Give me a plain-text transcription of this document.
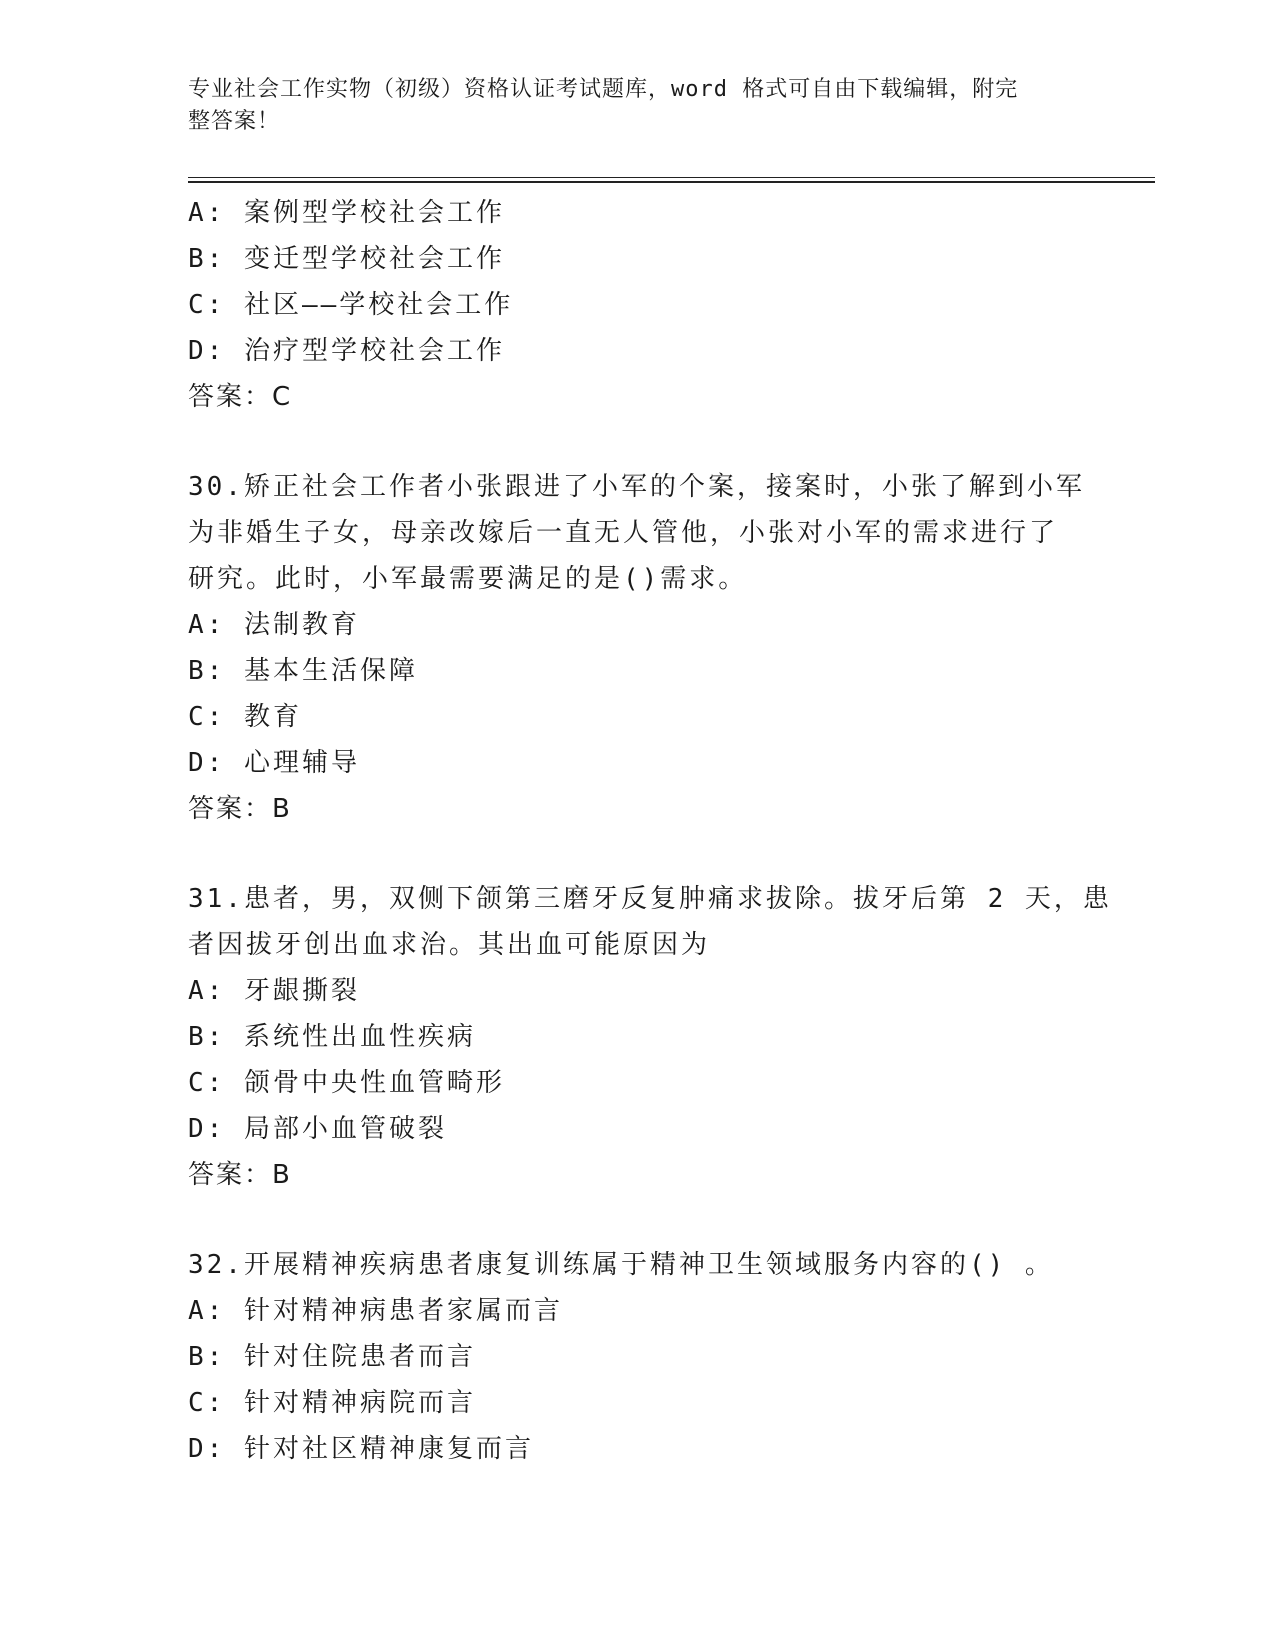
专业社会工作实物（初级）资格认证考试题库，word 格式可自由下载编辑，附完
整答案！
A: 案例型学校社会工作
B: 变迁型学校社会工作
C: 社区——学校社会工作
D: 治疗型学校社会工作
答案：C
30.矫正社会工作者小张跟进了小军的个案，接案时，小张了解到小军
为非婚生子女，母亲改嫁后一直无人管他，小张对小军的需求进行了
研究。此时，小军最需要满足的是()需求。
A: 法制教育
B: 基本生活保障
C: 教育
D: 心理辅导
答案：B
31.患者，男，双侧下颌第三磨牙反复肿痛求拔除。拔牙后第 2 天，患
者因拔牙创出血求治。其出血可能原因为
A: 牙龈撕裂
B: 系统性出血性疾病
C: 颌骨中央性血管畸形
D: 局部小血管破裂
答案：B
32.开展精神疾病患者康复训练属于精神卫生领域服务内容的() 。
A: 针对精神病患者家属而言
B: 针对住院患者而言
C: 针对精神病院而言
D: 针对社区精神康复而言
